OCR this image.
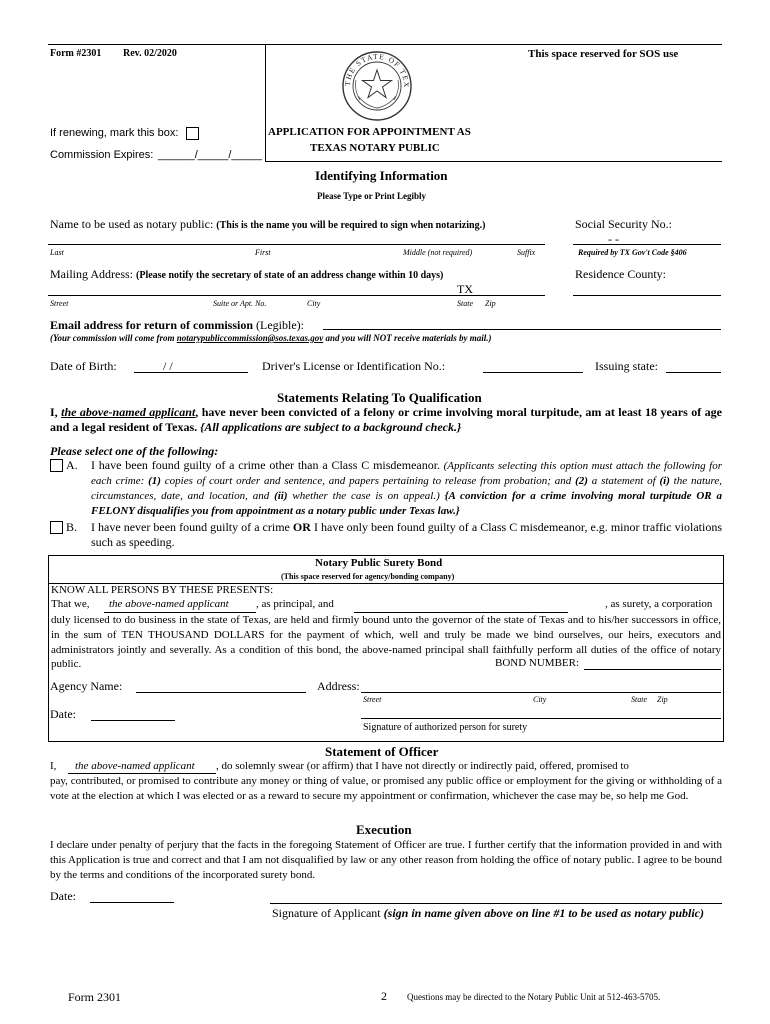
Form #2301 Rev. 02/2020	This space reserved for SOS use
THE STATE OF TEX
If renewing, mark this box:
Commission Expires: ______/_____/_____
APPLICATION FOR APPOINTMENT AS
TEXAS NOTARY PUBLIC
Identifying Information
Please Type or Print Legibly
Name to be used as notary public: (This is the name you will be required to sign when notarizing.)	Social Security No.:
- -
Last	First	Middle (not required)	Suffix	Required by TX Gov't Code §406
Mailing Address: (Please notify the secretary of state of an address change within 10 days)	Residence County:
TX
Street	Suite or Apt. No.	City	State Zip
Email address for return of commission (Legible):
(Your commission will come from notarypubliccommission@sos.texas.gov and you will NOT receive materials by mail.)
Date of Birth:	/ /	Driver's License or Identification No.:	Issuing state:
Statements Relating To Qualification
I, the above-named applicant, have never been convicted of a felony or crime involving moral turpitude, am at least 18 years of age and a legal resident of Texas. {All applications are subject to a background check.}
Please select one of the following:
A. I have been found guilty of a crime other than a Class C misdemeanor. (Applicants selecting this option must attach the following for each crime: (1) copies of court order and sentence, and papers pertaining to release from probation; and (2) a statement of (i) the nature, circumstances, date, and location, and (ii) whether the case is on appeal.) {A conviction for a crime involving moral turpitude OR a FELONY disqualifies you from appointment as a notary public under Texas law.}
B. I have never been found guilty of a crime OR I have only been found guilty of a Class C misdemeanor, e.g. minor traffic violations such as speeding.
Notary Public Surety Bond
(This space reserved for agency/bonding company)
KNOW ALL PERSONS BY THESE PRESENTS:
That we, the above-named applicant , as principal, and	, as surety, a corporation
duly licensed to do business in the state of Texas, are held and firmly bound unto the governor of the state of Texas and to his/her successors in office, in the sum of TEN THOUSAND DOLLARS for the payment of which, well and truly be made we bind ourselves, our heirs, executors and administrators jointly and severally. As a condition of this bond, the above-named principal shall faithfully perform all duties of the office of notary public.	BOND NUMBER:
Agency Name:	Address:
Street	City	State Zip
Date:
Signature of authorized person for surety
Statement of Officer
I, the above-named applicant , do solemnly swear (or affirm) that I have not directly or indirectly paid, offered, promised to
pay, contributed, or promised to contribute any money or thing of value, or promised any public office or employment for the giving or withholding of a vote at the election at which I was elected or as a reward to secure my appointment or confirmation, whichever the case may be, so help me God.
Execution
I declare under penalty of perjury that the facts in the foregoing Statement of Officer are true. I further certify that the information provided in and with this Application is true and correct and that I am not disqualified by law or any other reason from holding the office of notary public. I agree to be bound by the terms and conditions of the incorporated surety bond.
Date:
Signature of Applicant (sign in name given above on line #1 to be used as notary public)
Form 2301	2 Questions may be directed to the Notary Public Unit at 512-463-5705.
